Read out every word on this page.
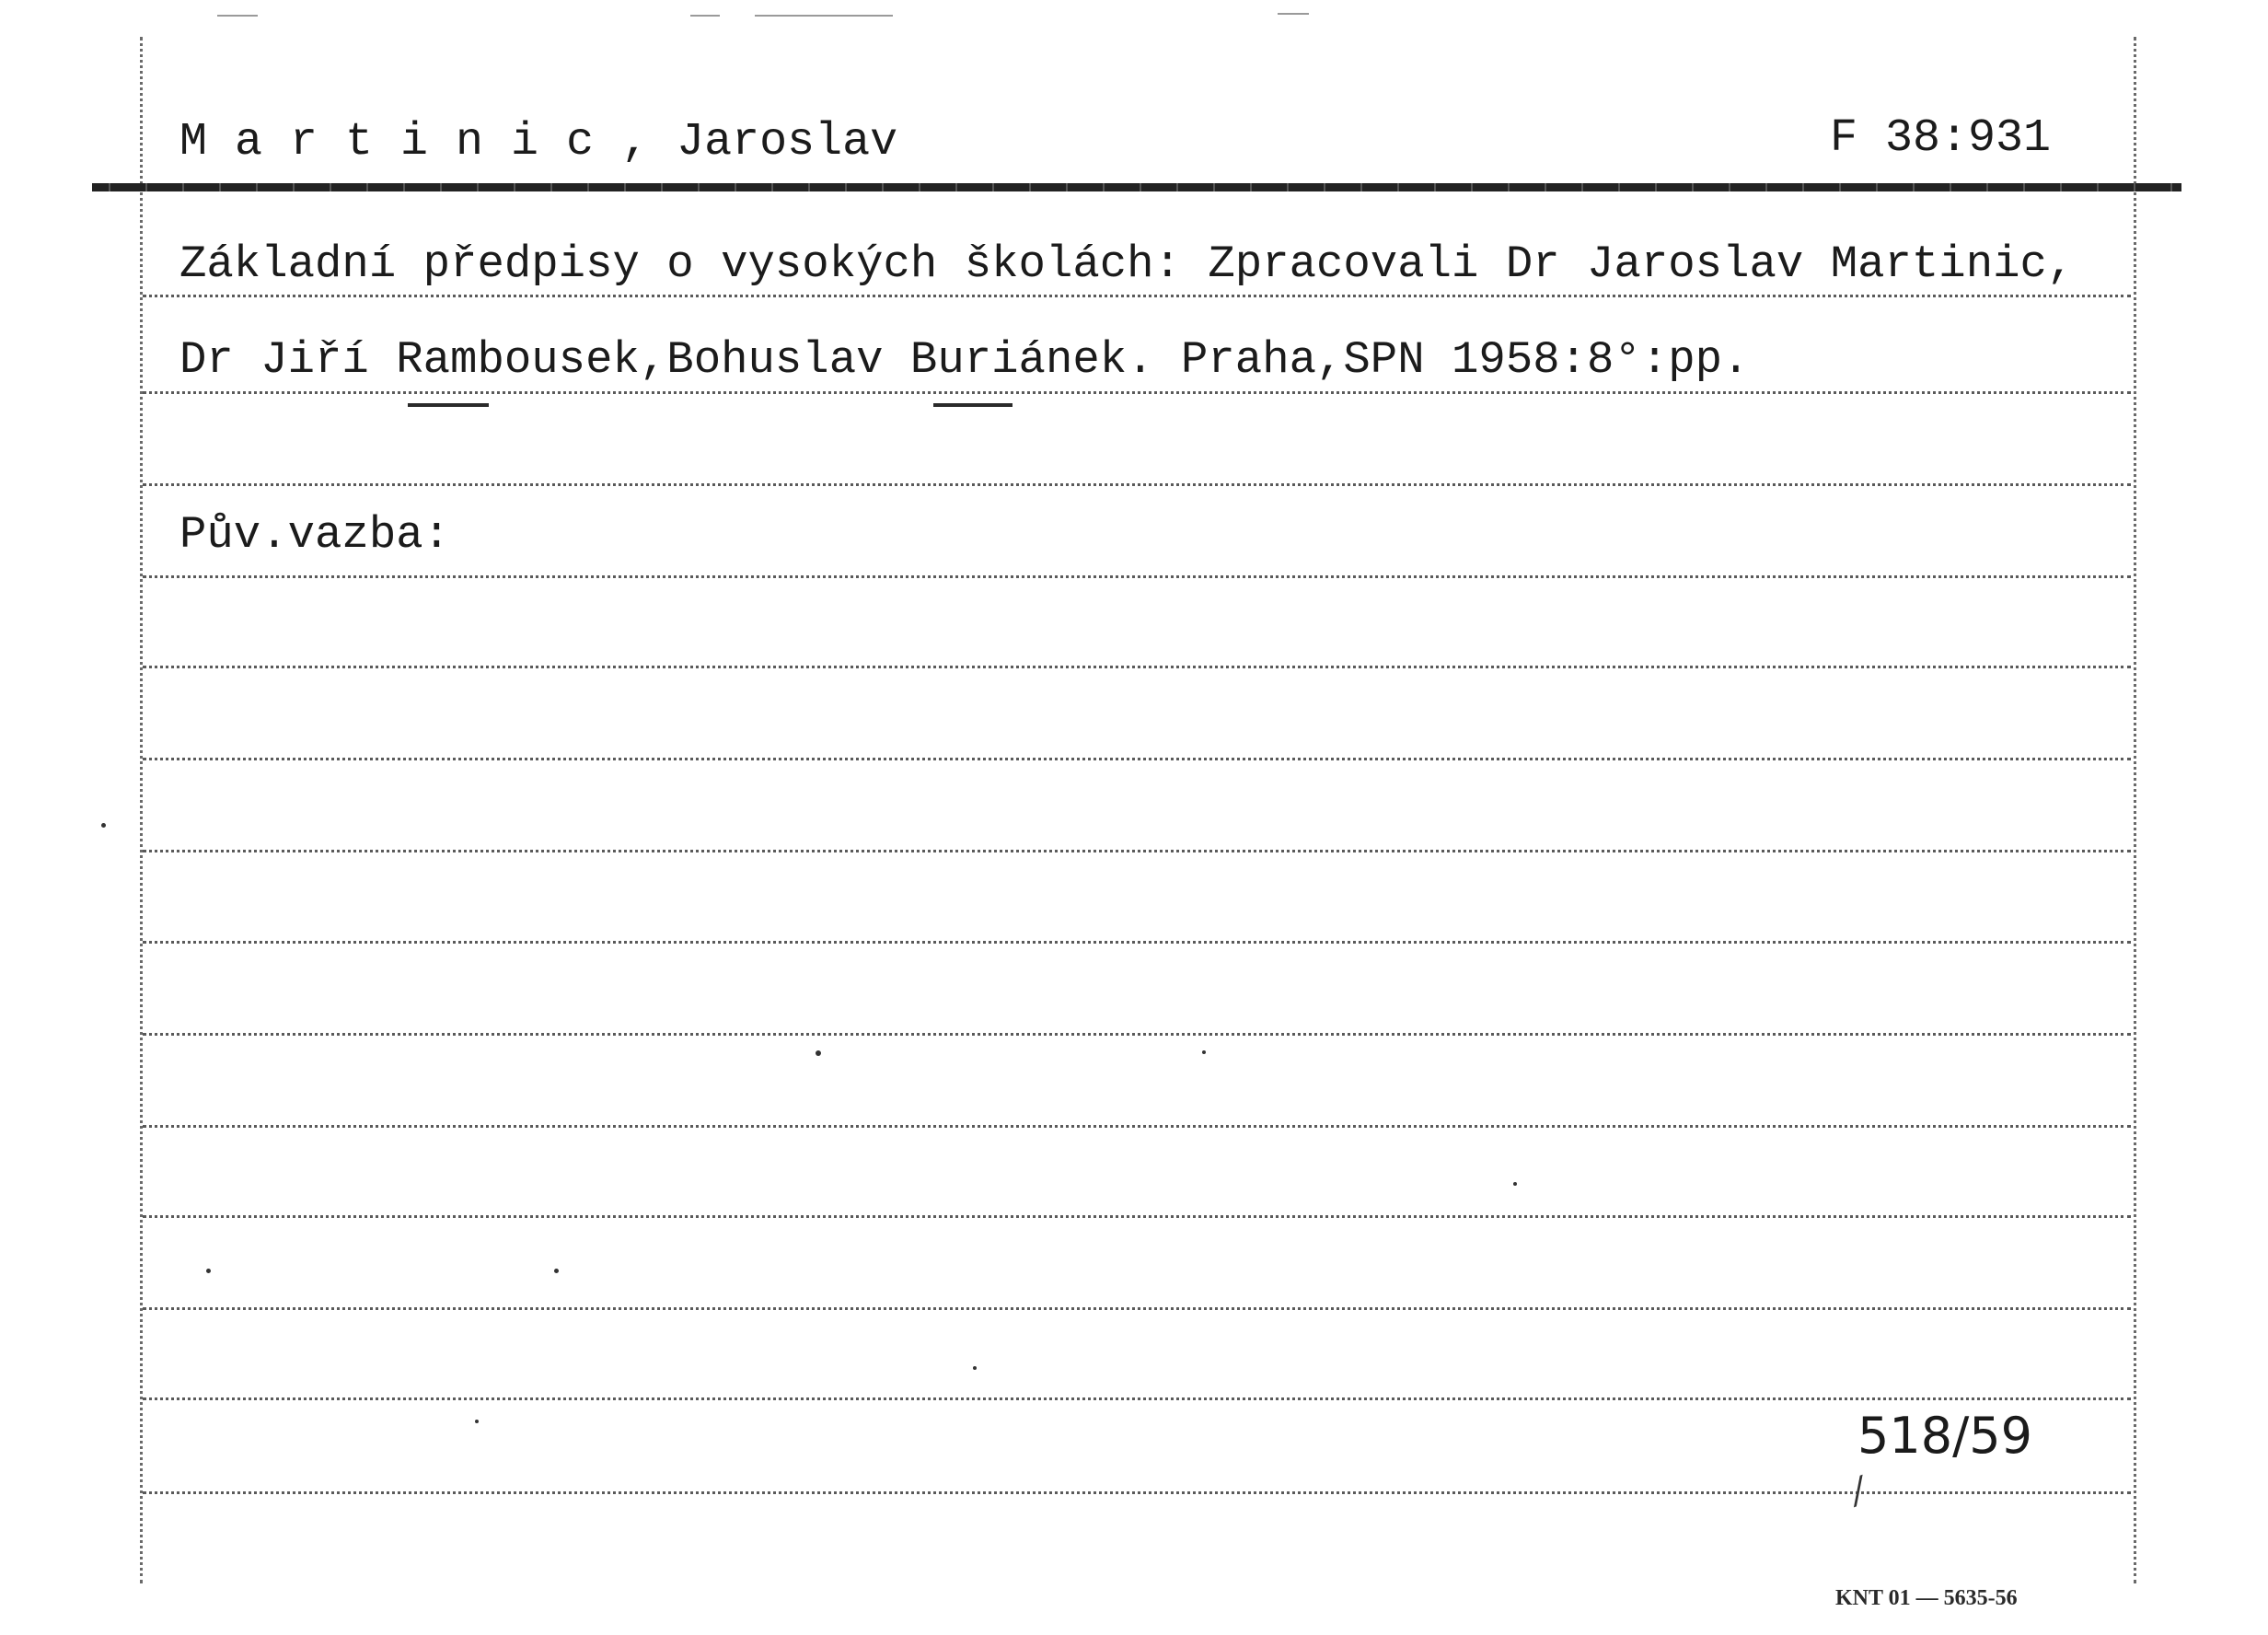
M a r t i n i c , Jaroslav	F 38:931
Základní předpisy o vysokých školách: Zpracovali Dr Jaroslav Martinic,
Dr Jiří Rambousek,Bohuslav Buriánek. Praha,SPN 1958:8°:pp.
Pův.vazba:
518/59
⁄
KNT 01 — 5635-56
